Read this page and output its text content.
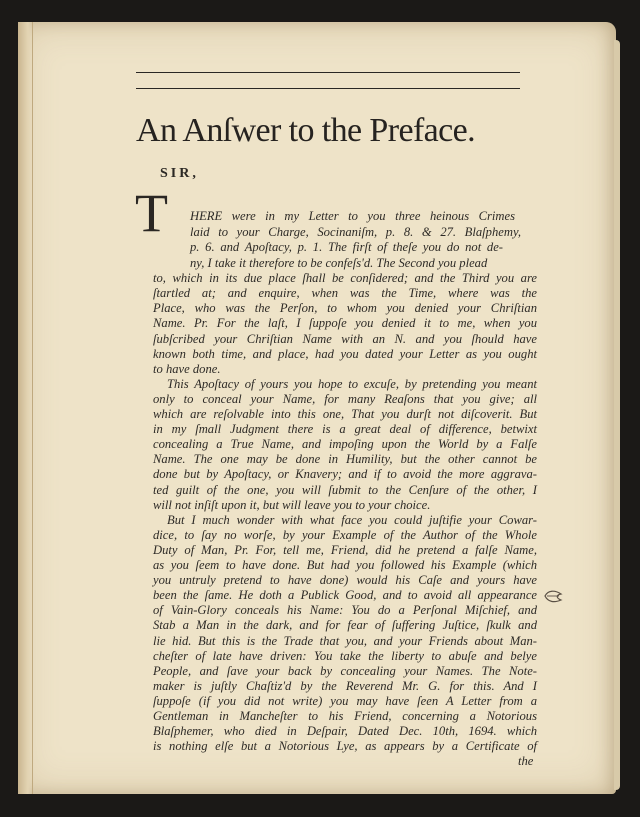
An Anſwer to the Preface.
SIR,
T HERE were in my Letter to you three heinous Crimes

laid to your Charge, Socinaniſm, p. 8. & 27. Blaſphemy,

p. 6. and Apoſtacy, p. 1. The firſt of theſe you do not de-

ny, I take it therefore to be confeſs'd. The Second you plead

to, which in its due place ſhall be conſidered; and the Third you are

ſtartled at; and enquire, when was the Time, where was the

Place, who was the Perſon, to whom you denied your Chriſtian

Name. Pr. For the laſt, I ſuppoſe you denied it to me, when you

ſubſcribed your Chriſtian Name with an N. and you ſhould have

known both time, and place, had you dated your Letter as you ought

to have done.

This Apoſtacy of yours you hope to excuſe, by pretending you meant

only to conceal your Name, for many Reaſons that you give; all

which are reſolvable into this one, That you durſt not diſcoverit. But

in my ſmall Judgment there is a great deal of difference, betwixt

concealing a True Name, and impoſing upon the World by a Falſe

Name. The one may be done in Humility, but the other cannot be

done but by Apoſtacy, or Knavery; and if to avoid the more aggrava-

ted guilt of the one, you will ſubmit to the Cenſure of the other, I

will not inſiſt upon it, but will leave you to your choice.

But I much wonder with what face you could juſtifie your Cowar-

dice, to ſay no worſe, by your Example of the Author of the Whole

Duty of Man, Pr. For, tell me, Friend, did he pretend a falſe Name,

as you ſeem to have done. But had you followed his Example (which

you untruly pretend to have done) would his Caſe and yours have

been the ſame. He doth a Publick Good, and to avoid all appearance

of Vain-Glory conceals his Name: You do a Perſonal Miſchief, and

Stab a Man in the dark, and for fear of ſuffering Juſtice, ſkulk and

lie hid. But this is the Trade that you, and your Friends about Man-

cheſter of late have driven: You take the liberty to abuſe and belye

People, and ſave your back by concealing your Names. The Note-

maker is juſtly Chaſtiz'd by the Reverend Mr. G. for this. And I

ſuppoſe (if you did not write) you may have ſeen A Letter from a

Gentleman in Mancheſter to his Friend, concerning a Notorious

Blaſphemer, who died in Deſpair, Dated Dec. 10th, 1694. which

is nothing elſe but a Notorious Lye, as appears by a Certificate of

the
